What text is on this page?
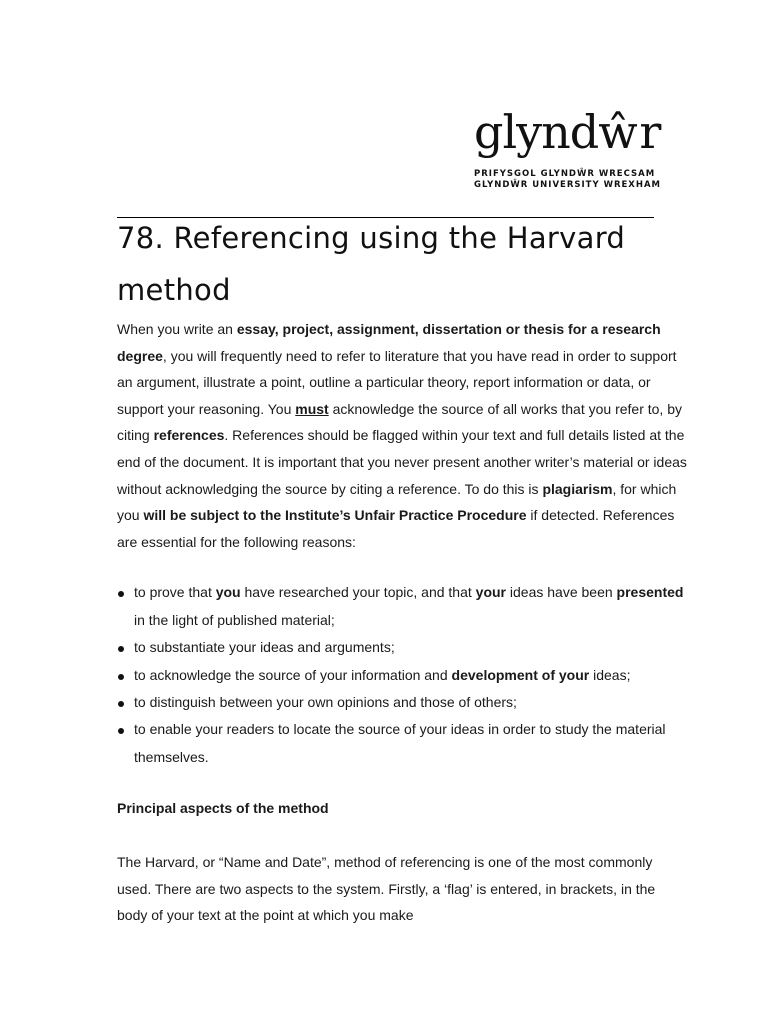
glyndŵr
PRIFYSGOL GLYNDŴR WRECSAM
GLYNDŴR UNIVERSITY WREXHAM
78. Referencing using the Harvard method

When you write an essay, project, assignment, dissertation or thesis for a research degree, you will frequently need to refer to literature that you have read in order to support an argument, illustrate a point, outline a particular theory, report information or data, or support your reasoning. You must acknowledge the source of all works that you refer to, by citing references. References should be flagged within your text and full details listed at the end of the document. It is important that you never present another writer’s material or ideas without acknowledging the source by citing a reference. To do this is plagiarism, for which you will be subject to the Institute’s Unfair Practice Procedure if detected. References are essential for the following reasons:

to prove that you have researched your topic, and that your ideas have been presented in the light of published material;
to substantiate your ideas and arguments;
to acknowledge the source of your information and development of your ideas;
to distinguish between your own opinions and those of others;
to enable your readers to locate the source of your ideas in order to study the material themselves.

Principal aspects of the method

The Harvard, or “Name and Date”, method of referencing is one of the most commonly used. There are two aspects to the system. Firstly, a ‘flag’ is entered, in brackets, in the body of your text at the point at which you make
